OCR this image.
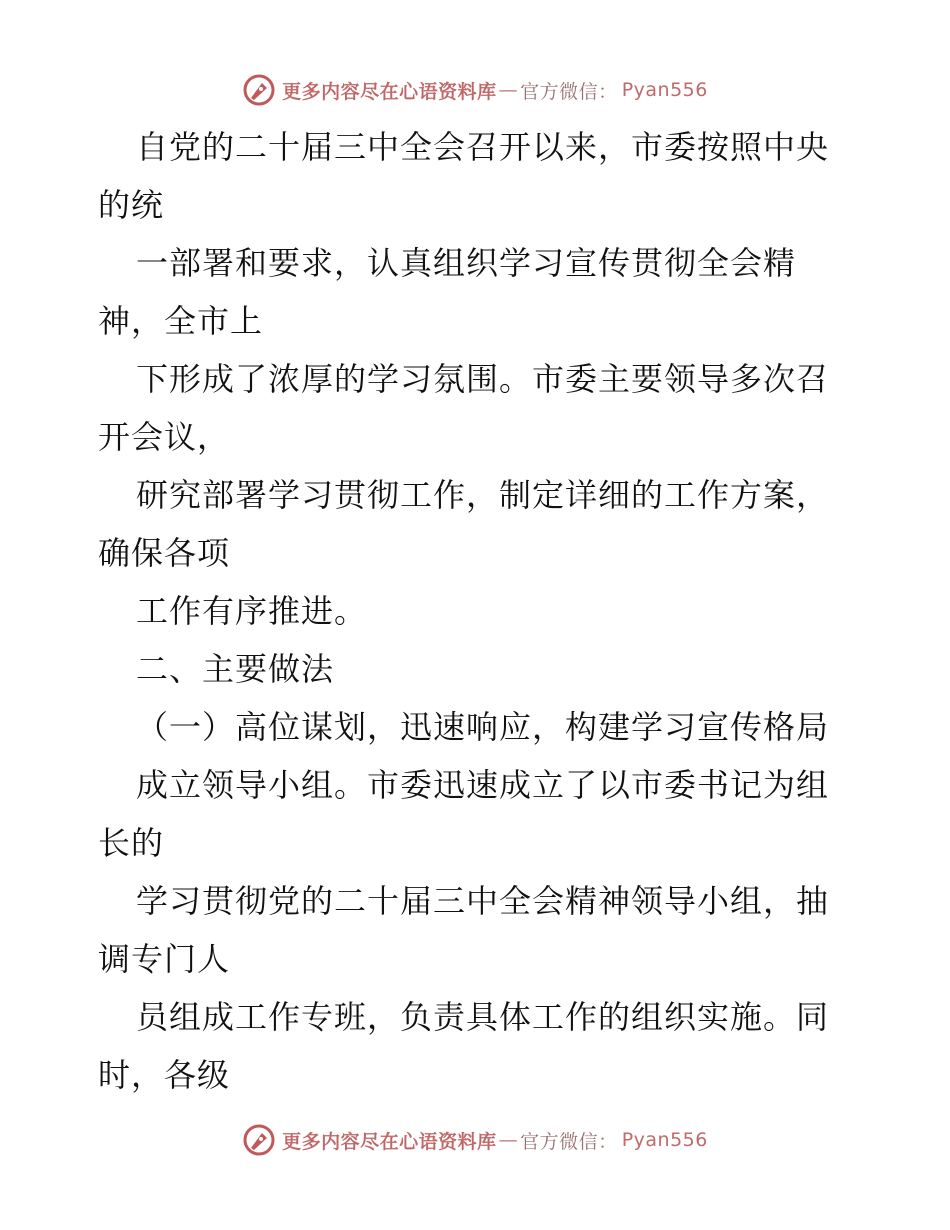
更多内容尽在心语资料库 — 官方微信： Pyan556
自党的二十届三中全会召开以来，市委按照中央
的统
一部署和要求，认真组织学习宣传贯彻全会精
神，全市上
下形成了浓厚的学习氛围。市委主要领导多次召
开会议，
研究部署学习贯彻工作，制定详细的工作方案，
确保各项
工作有序推进。
二、主要做法
（一）高位谋划，迅速响应，构建学习宣传格局
成立领导小组。市委迅速成立了以市委书记为组
长的
学习贯彻党的二十届三中全会精神领导小组，抽
调专门人
员组成工作专班，负责具体工作的组织实施。同
时，各级
更多内容尽在心语资料库 — 官方微信： Pyan556
